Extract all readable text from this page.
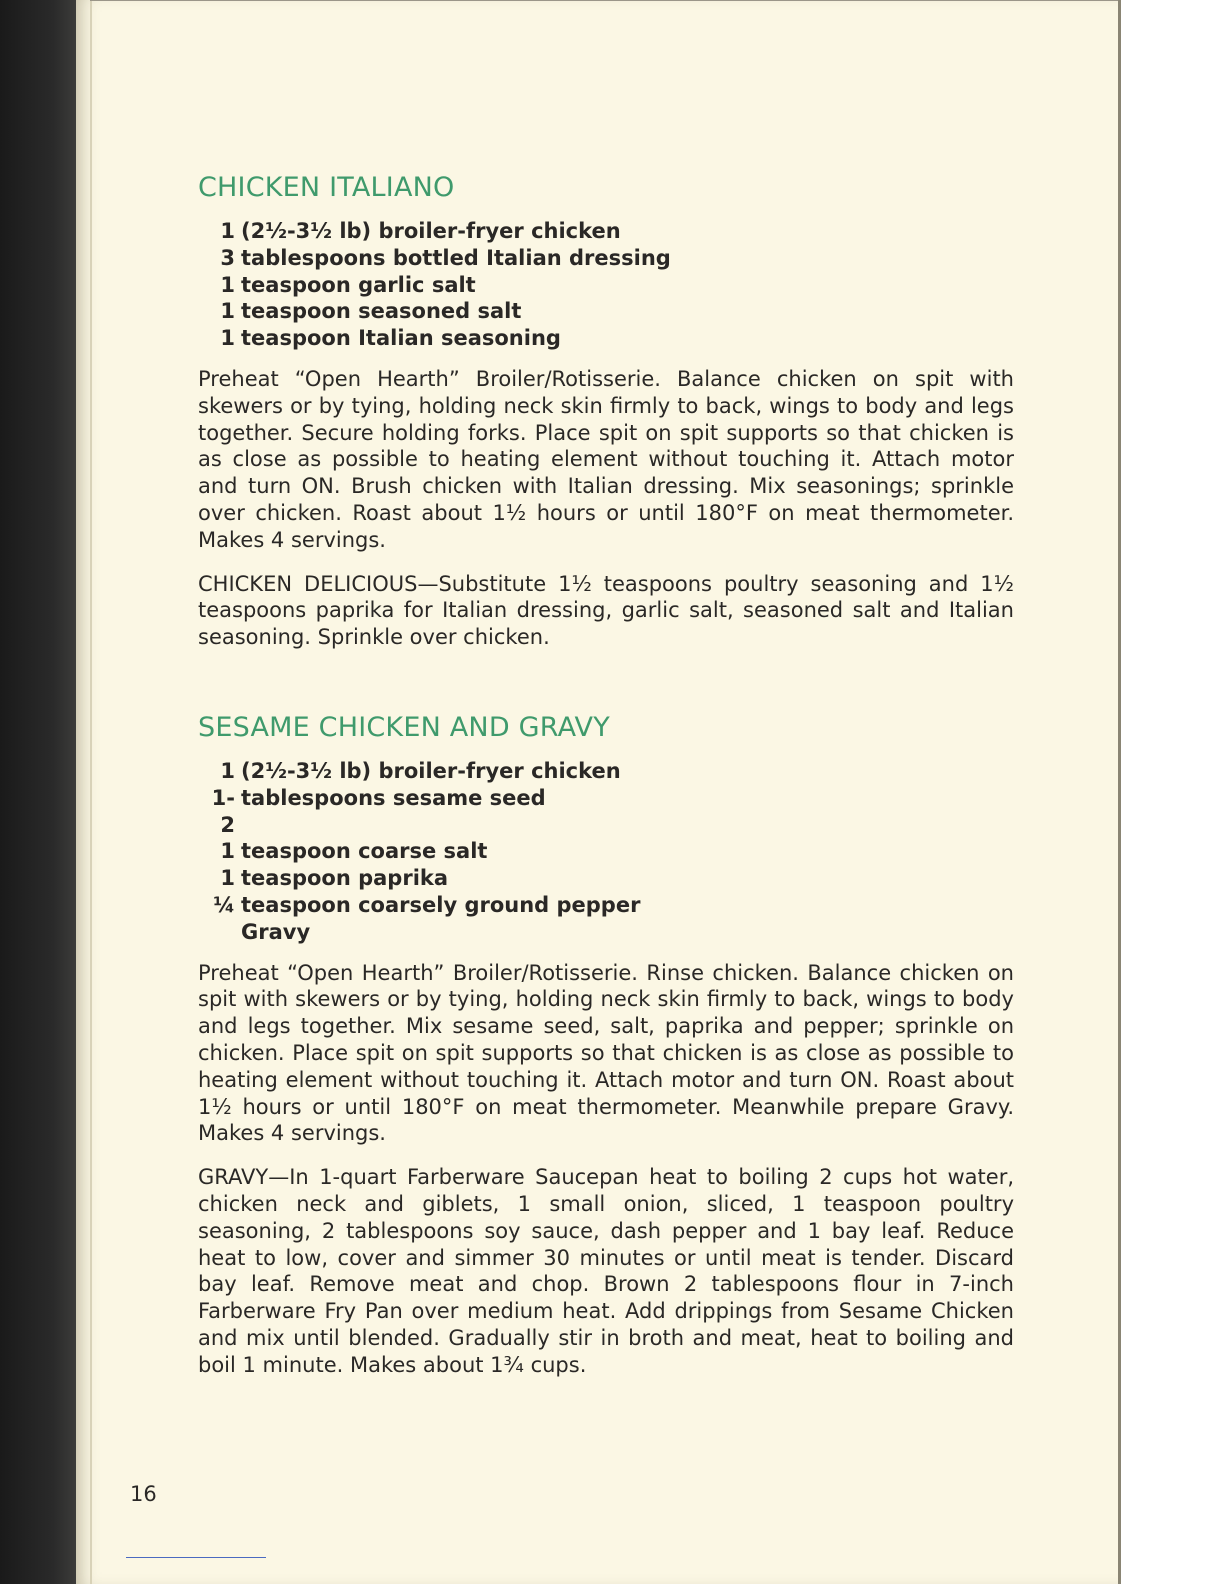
CHICKEN ITALIANO
1 (2½-3½ lb) broiler-fryer chicken
3 tablespoons bottled Italian dressing
1 teaspoon garlic salt
1 teaspoon seasoned salt
1 teaspoon Italian seasoning

Preheat “Open Hearth” Broiler/Rotisserie. Balance chicken on spit with skewers or by tying, holding neck skin firmly to back, wings to body and legs together. Secure holding forks. Place spit on spit supports so that chicken is as close as possible to heating element without touching it. Attach motor and turn ON. Brush chicken with Italian dressing. Mix seasonings; sprinkle over chicken. Roast about 1½ hours or until 180°F on meat thermometer. Makes 4 servings.

CHICKEN DELICIOUS—Substitute 1½ teaspoons poultry seasoning and 1½ teaspoons paprika for Italian dressing, garlic salt, seasoned salt and Italian seasoning. Sprinkle over chicken.

SESAME CHICKEN AND GRAVY
1 (2½-3½ lb) broiler-fryer chicken
1-2
tablespoons sesame seed
1 teaspoon coarse salt
1 teaspoon paprika
¼ teaspoon coarsely ground pepper
Gravy

Preheat “Open Hearth” Broiler/Rotisserie. Rinse chicken. Balance chicken on spit with skewers or by tying, holding neck skin firmly to back, wings to body and legs together. Mix sesame seed, salt, paprika and pepper; sprinkle on chicken. Place spit on spit supports so that chicken is as close as possible to heating element without touching it. Attach motor and turn ON. Roast about 1½ hours or until 180°F on meat thermometer. Meanwhile prepare Gravy. Makes 4 servings.

GRAVY—In 1-quart Farberware Saucepan heat to boiling 2 cups hot water, chicken neck and giblets, 1 small onion, sliced, 1 teaspoon poultry seasoning, 2 tablespoons soy sauce, dash pepper and 1 bay leaf. Reduce heat to low, cover and simmer 30 minutes or until meat is tender. Discard bay leaf. Remove meat and chop. Brown 2 tablespoons flour in 7-inch Farberware Fry Pan over medium heat. Add drippings from Sesame Chicken and mix until blended. Gradually stir in broth and meat, heat to boiling and boil 1 minute. Makes about 1¾ cups.

16
